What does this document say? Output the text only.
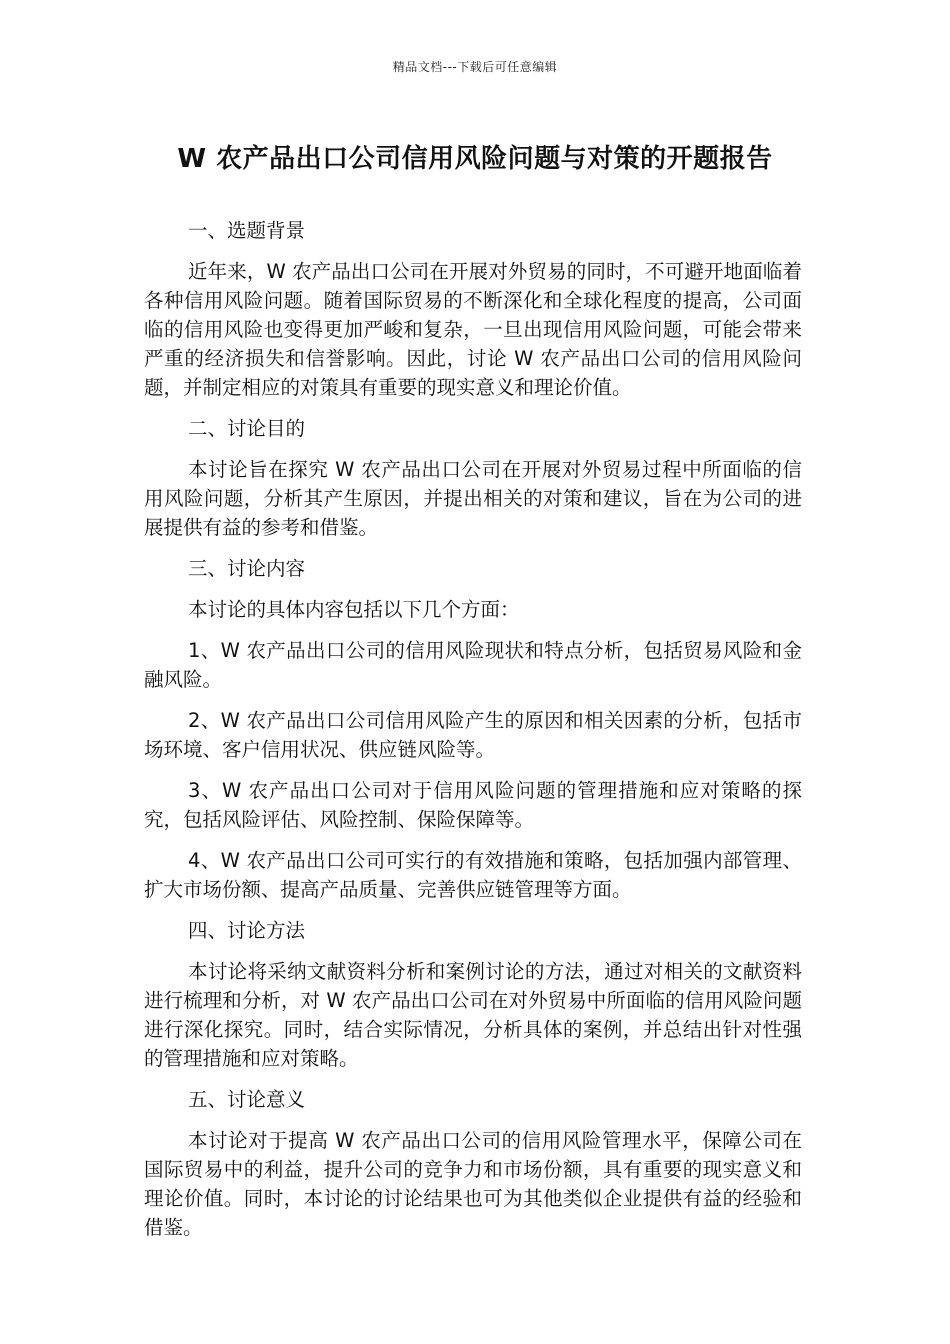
精品文档---下载后可任意编辑
W 农产品出口公司信用风险问题与对策的开题报告

一、选题背景

近年来，W 农产品出口公司在开展对外贸易的同时，不可避开地面临着各种信用风险问题。随着国际贸易的不断深化和全球化程度的提高，公司面临的信用风险也变得更加严峻和复杂，一旦出现信用风险问题，可能会带来严重的经济损失和信誉影响。因此，讨论 W 农产品出口公司的信用风险问题，并制定相应的对策具有重要的现实意义和理论价值。

二、讨论目的

本讨论旨在探究 W 农产品出口公司在开展对外贸易过程中所面临的信用风险问题，分析其产生原因，并提出相关的对策和建议，旨在为公司的进展提供有益的参考和借鉴。

三、讨论内容

本讨论的具体内容包括以下几个方面：

1、W 农产品出口公司的信用风险现状和特点分析，包括贸易风险和金融风险。

2、W 农产品出口公司信用风险产生的原因和相关因素的分析，包括市场环境、客户信用状况、供应链风险等。

3、W 农产品出口公司对于信用风险问题的管理措施和应对策略的探究，包括风险评估、风险控制、保险保障等。

4、W 农产品出口公司可实行的有效措施和策略，包括加强内部管理、扩大市场份额、提高产品质量、完善供应链管理等方面。

四、讨论方法

本讨论将采纳文献资料分析和案例讨论的方法，通过对相关的文献资料进行梳理和分析，对 W 农产品出口公司在对外贸易中所面临的信用风险问题进行深化探究。同时，结合实际情况，分析具体的案例，并总结出针对性强的管理措施和应对策略。

五、讨论意义

本讨论对于提高 W 农产品出口公司的信用风险管理水平，保障公司在国际贸易中的利益，提升公司的竞争力和市场份额，具有重要的现实意义和理论价值。同时，本讨论的讨论结果也可为其他类似企业提供有益的经验和借鉴。
